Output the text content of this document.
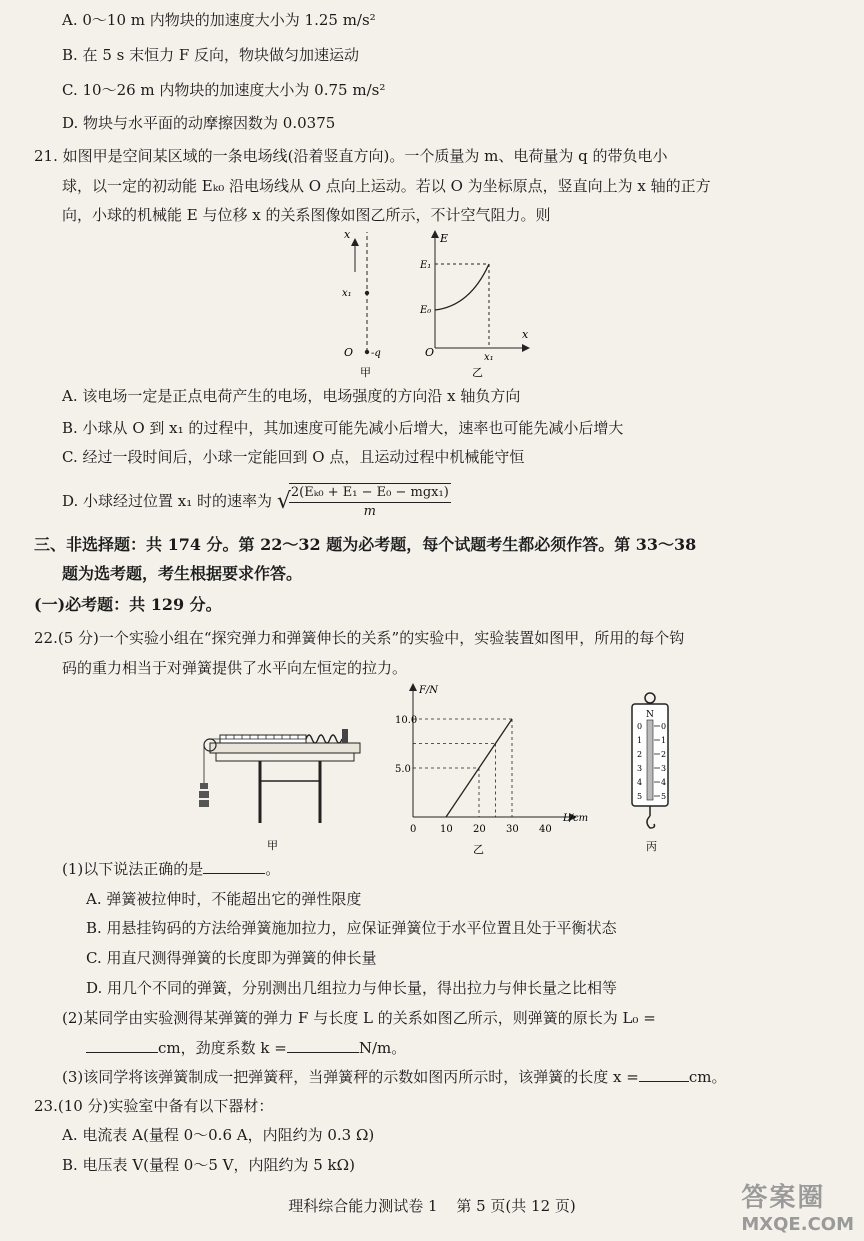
A. 0～10 m 内物块的加速度大小为 1.25 m/s²
B. 在 5 s 末恒力 F 反向，物块做匀加速运动
C. 10～26 m 内物块的加速度大小为 0.75 m/s²
D. 物块与水平面的动摩擦因数为 0.0375
21. 如图甲是空间某区域的一条电场线(沿着竖直方向)。一个质量为 m、电荷量为 q 的带负电小
球，以一定的初动能 Eₖ₀ 沿电场线从 O 点向上运动。若以 O 为坐标原点，竖直向上为 x 轴的正方
向，小球的机械能 E 与位移 x 的关系图像如图乙所示，不计空气阻力。则
x
x₁
O -q
甲
E
x
E₁
E₀
O	x₁
乙
A. 该电场一定是正点电荷产生的电场，电场强度的方向沿 x 轴负方向
B. 小球从 O 到 x₁ 的过程中，其加速度可能先减小后增大，速率也可能先减小后增大
C. 经过一段时间后，小球一定能回到 O 点，且运动过程中机械能守恒
D. 小球经过位置 x₁ 时的速率为 √
$\frac{\text{2(Eₖ₀ + E₁ − E₀ − mgx₁)}}{m}$
三、非选择题：共 174 分。第 22～32 题为必考题，每个试题考生都必须作答。第 33～38
题为选考题，考生根据要求作答。
(一)必考题：共 129 分。
22.(5 分)一个实验小组在“探究弹力和弹簧伸长的关系”的实验中，实验装置如图甲，所用的每个钩
码的重力相当于对弹簧提供了水平向左恒定的拉力。
甲
0 10 20 30 40
5.0
10.0
F/N
L/cm
乙
N
0 0
1 1
2 2
3 3
4 4
5 5
丙
(1)以下说法正确的是	。
A. 弹簧被拉伸时，不能超出它的弹性限度
B. 用悬挂钩码的方法给弹簧施加拉力，应保证弹簧位于水平位置且处于平衡状态
C. 用直尺测得弹簧的长度即为弹簧的伸长量
D. 用几个不同的弹簧，分别测出几组拉力与伸长量，得出拉力与伸长量之比相等
(2)某同学由实验测得某弹簧的弹力 F 与长度 L 的关系如图乙所示，则弹簧的原长为 L₀ =
cm，劲度系数 k =	N/m。
(3)该同学将该弹簧制成一把弹簧秤，当弹簧秤的示数如图丙所示时，该弹簧的长度 x =	cm。
23.(10 分)实验室中备有以下器材：
A. 电流表 A(量程 0～0.6 A，内阻约为 0.3 Ω)
B. 电压表 V(量程 0～5 V，内阻约为 5 kΩ)
理科综合能力测试卷 1 第 5 页(共 12 页)	答案圈
MXQE.COM
